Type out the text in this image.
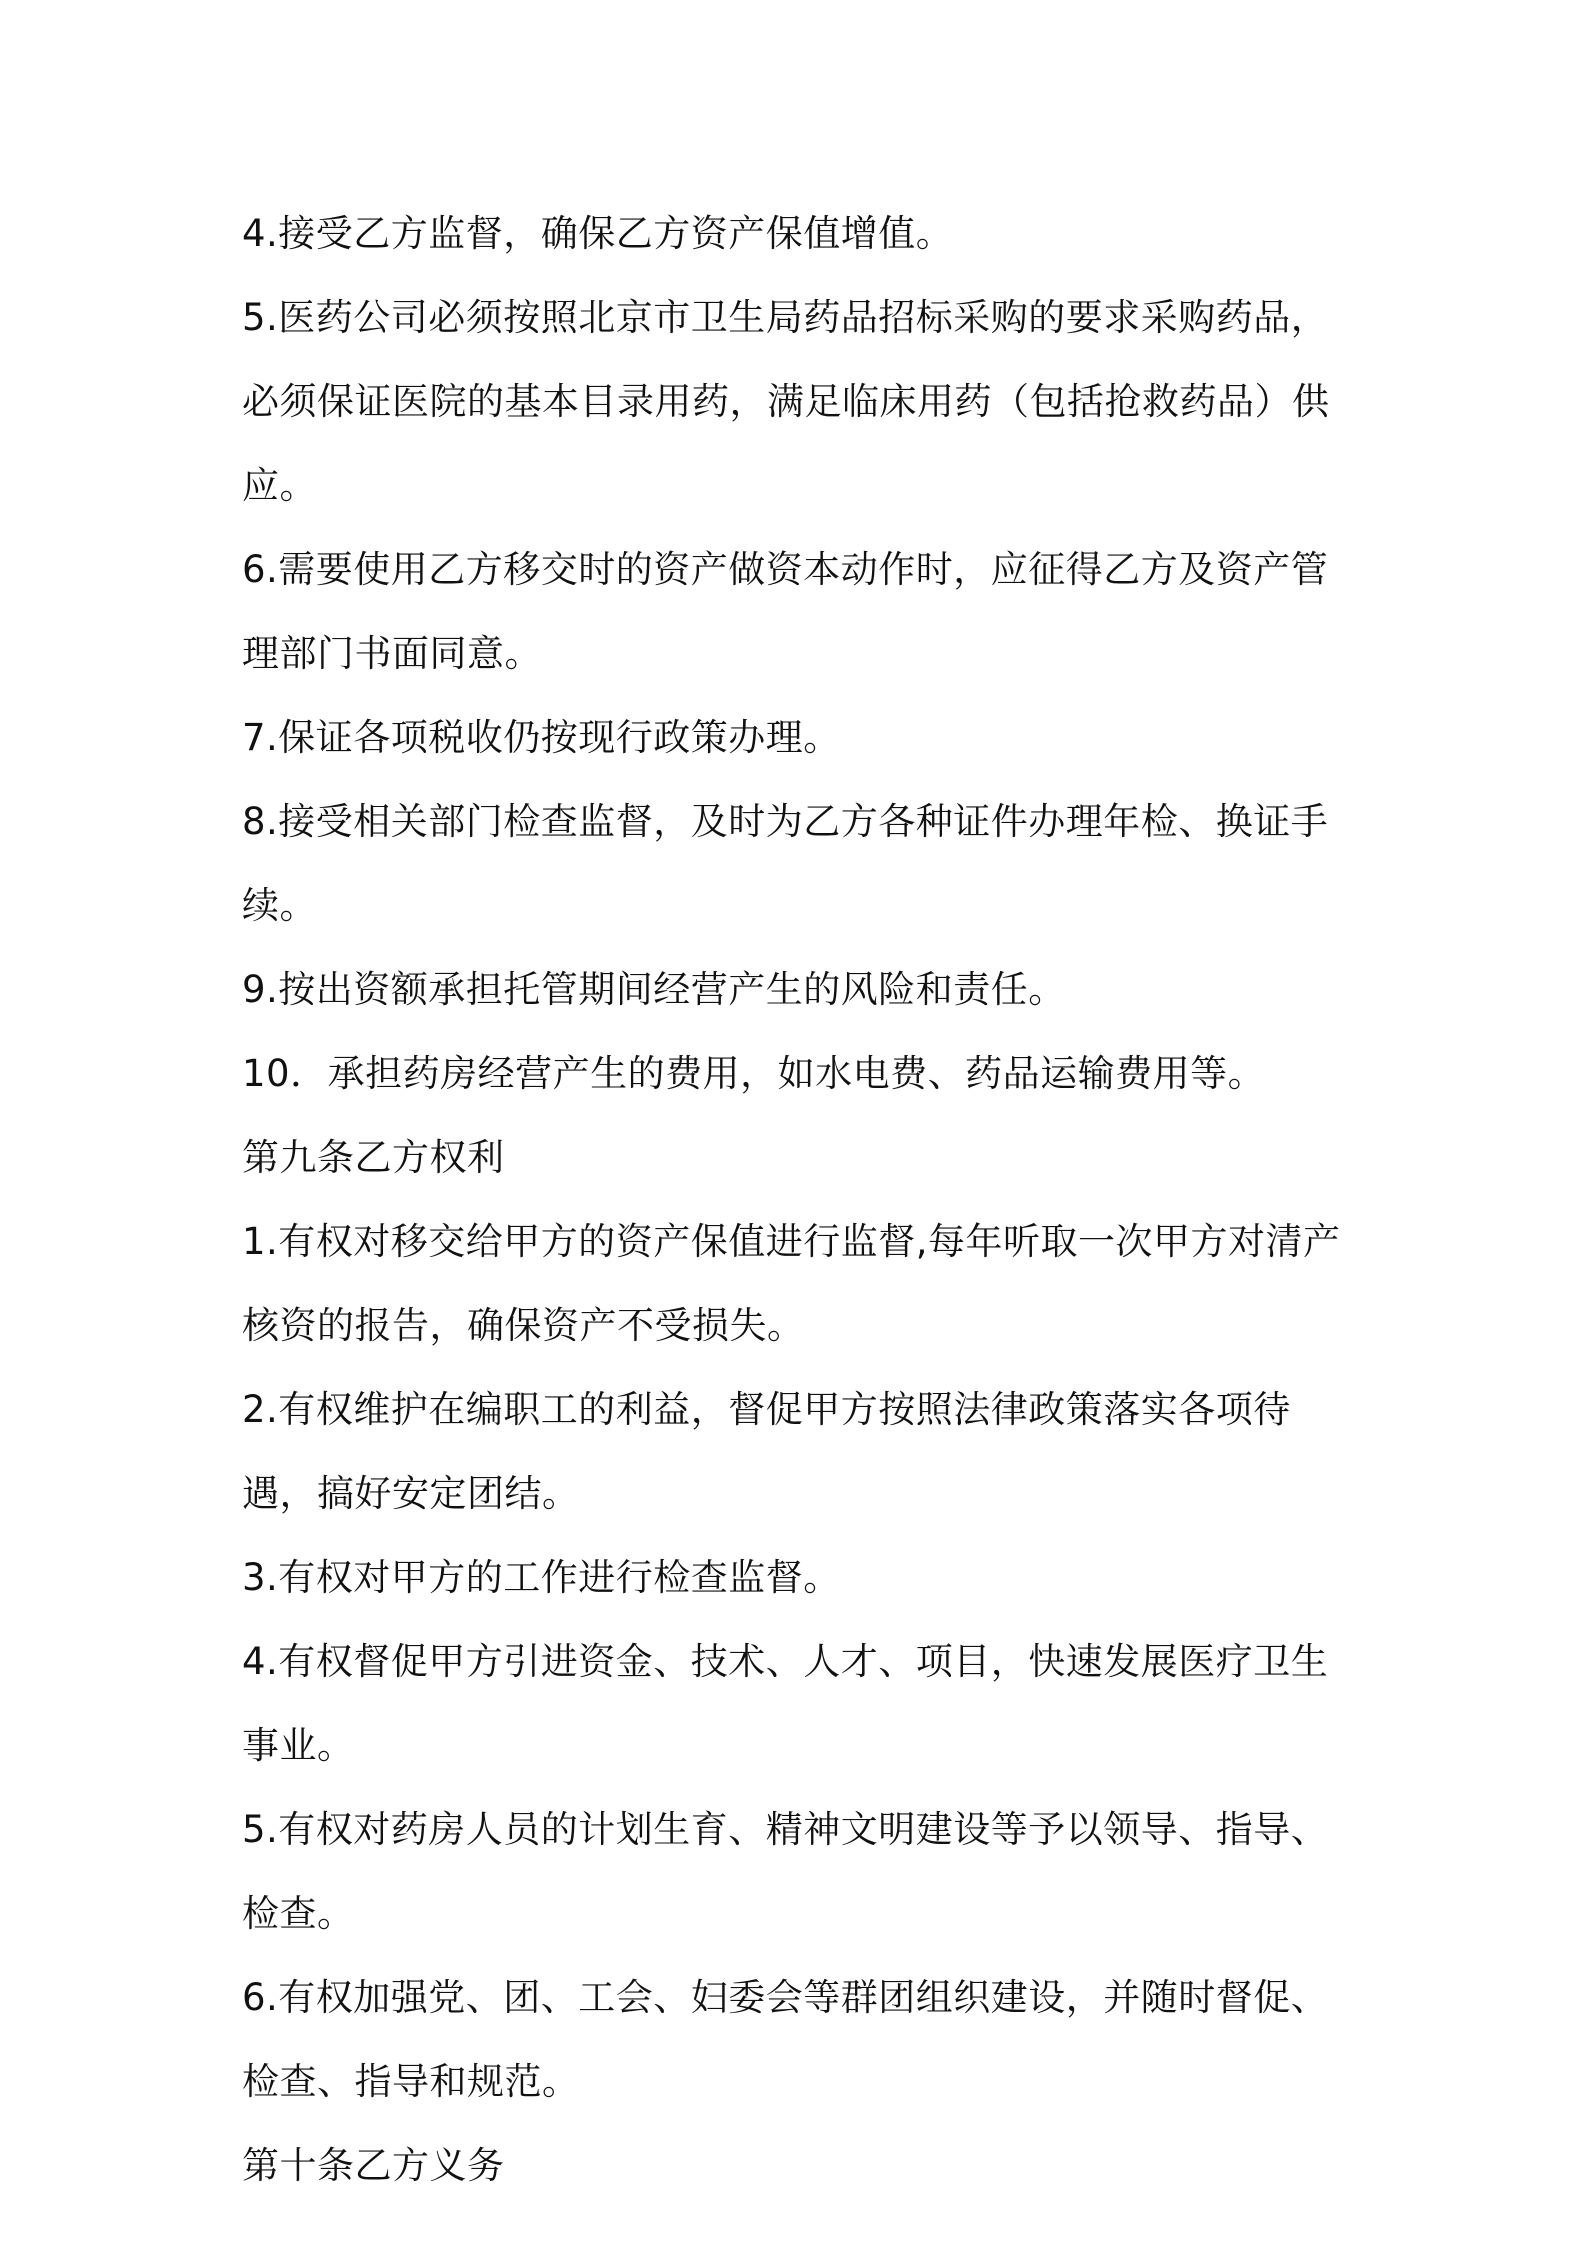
4.接受乙方监督，确保乙方资产保值增值。

5.医药公司必须按照北京市卫生局药品招标采购的要求采购药品，必须保证医院的基本目录用药，满足临床用药（包括抢救药品）供应。

6.需要使用乙方移交时的资产做资本动作时，应征得乙方及资产管理部门书面同意。

7.保证各项税收仍按现行政策办理。

8.接受相关部门检查监督，及时为乙方各种证件办理年检、换证手续。

9.按出资额承担托管期间经营产生的风险和责任。

10．承担药房经营产生的费用，如水电费、药品运输费用等。

第九条乙方权利

1.有权对移交给甲方的资产保值进行监督,每年听取一次甲方对清产核资的报告，确保资产不受损失。

2.有权维护在编职工的利益，督促甲方按照法律政策落实各项待遇，搞好安定团结。

3.有权对甲方的工作进行检查监督。

4.有权督促甲方引进资金、技术、人才、项目，快速发展医疗卫生事业。

5.有权对药房人员的计划生育、精神文明建设等予以领导、指导、检查。

6.有权加强党、团、工会、妇委会等群团组织建设，并随时督促、检查、指导和规范。

第十条乙方义务
